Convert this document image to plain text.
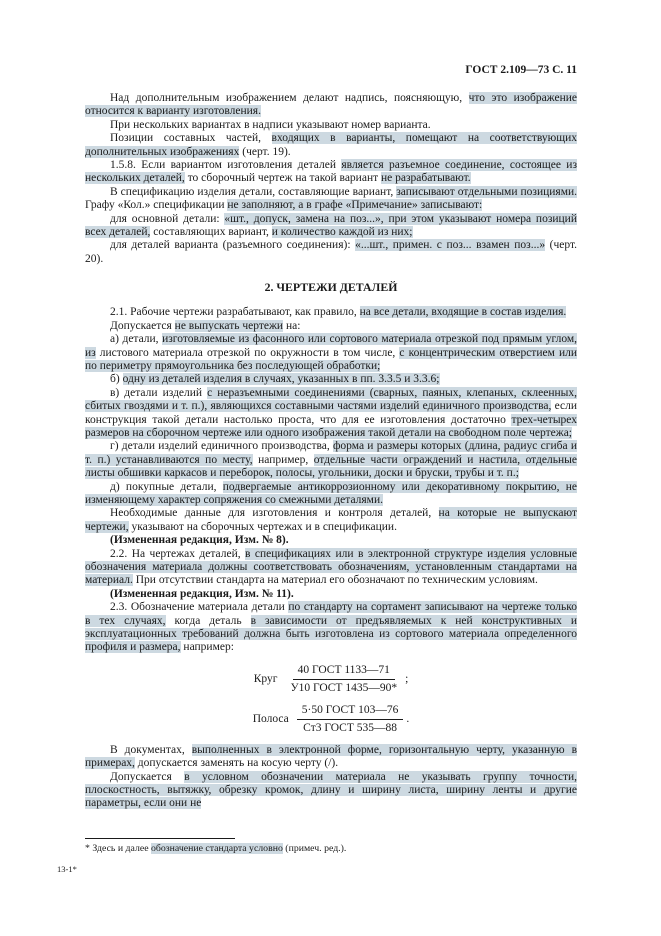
ГОСТ 2.109—73 С. 11

Над дополнительным изображением делают надпись, поясняющую, что это изображение относится к варианту изготовления.

При нескольких вариантах в надписи указывают номер варианта.

Позиции составных частей, входящих в варианты, помещают на соответствующих дополнительных изображениях (черт. 19).

1.5.8. Если вариантом изготовления деталей является разъемное соединение, состоящее из нескольких деталей, то сборочный чертеж на такой вариант не разрабатывают.

В спецификацию изделия детали, составляющие вариант, записывают отдельными позициями. Графу «Кол.» спецификации не заполняют, а в графе «Примечание» записывают:

для основной детали: «шт., допуск, замена на поз...», при этом указывают номера позиций всех деталей, составляющих вариант, и количество каждой из них;

для деталей варианта (разъемного соединения): «...шт., примен. с поз... взамен поз...» (черт. 20).

2. ЧЕРТЕЖИ ДЕТАЛЕЙ

2.1. Рабочие чертежи разрабатывают, как правило, на все детали, входящие в состав изделия.

Допускается не выпускать чертежи на:

а) детали, изготовляемые из фасонного или сортового материала отрезкой под прямым углом, из листового материала отрезкой по окружности в том числе, с концентрическим отверстием или по периметру прямоугольника без последующей обработки;

б) одну из деталей изделия в случаях, указанных в пп. 3.3.5 и 3.3.6;

в) детали изделий с неразъемными соединениями (сварных, паяных, клепаных, склеенных, сбитых гвоздями и т. п.), являющихся составными частями изделий единичного производства, если конструкция такой детали настолько проста, что для ее изготовления достаточно трех-четырех размеров на сборочном чертеже или одного изображения такой детали на свободном поле чертежа;

г) детали изделий единичного производства, форма и размеры которых (длина, радиус сгиба и т. п.) устанавливаются по месту, например, отдельные части ограждений и настила, отдельные листы обшивки каркасов и переборок, полосы, угольники, доски и бруски, трубы и т. п.;

д) покупные детали, подвергаемые антикоррозионному или декоративному покрытию, не изменяющему характер сопряжения со смежными деталями.

Необходимые данные для изготовления и контроля деталей, на которые не выпускают чертежи, указывают на сборочных чертежах и в спецификации.

(Измененная редакция, Изм. № 8).

2.2. На чертежах деталей, в спецификациях или в электронной структуре изделия условные обозначения материала должны соответствовать обозначениям, установленным стандартами на материал. При отсутствии стандарта на материал его обозначают по техническим условиям.

(Измененная редакция, Изм. № 11).

2.3. Обозначение материала детали по стандарту на сортамент записывают на чертеже только в тех случаях, когда деталь в зависимости от предъявляемых к ней конструктивных и эксплуатационных требований должна быть изготовлена из сортового материала определенного профиля и размера, например:

Круг $\frac{\text{40 ГОСТ 1133—71}}{\text{У10 ГОСТ 1435—90*}}$ ;
Полоса $\frac{\text{5·50 ГОСТ 103—76}}{\text{Ст3 ГОСТ 535—88}}$ .

В документах, выполненных в электронной форме, горизонтальную черту, указанную в примерах, допускается заменять на косую черту (/).

Допускается в условном обозначении материала не указывать группу точности, плоскостность, вытяжку, обрезку кромок, длину и ширину листа, ширину ленты и другие параметры, если они не

* Здесь и далее обозначение стандарта условно (примеч. ред.).
13-1*
